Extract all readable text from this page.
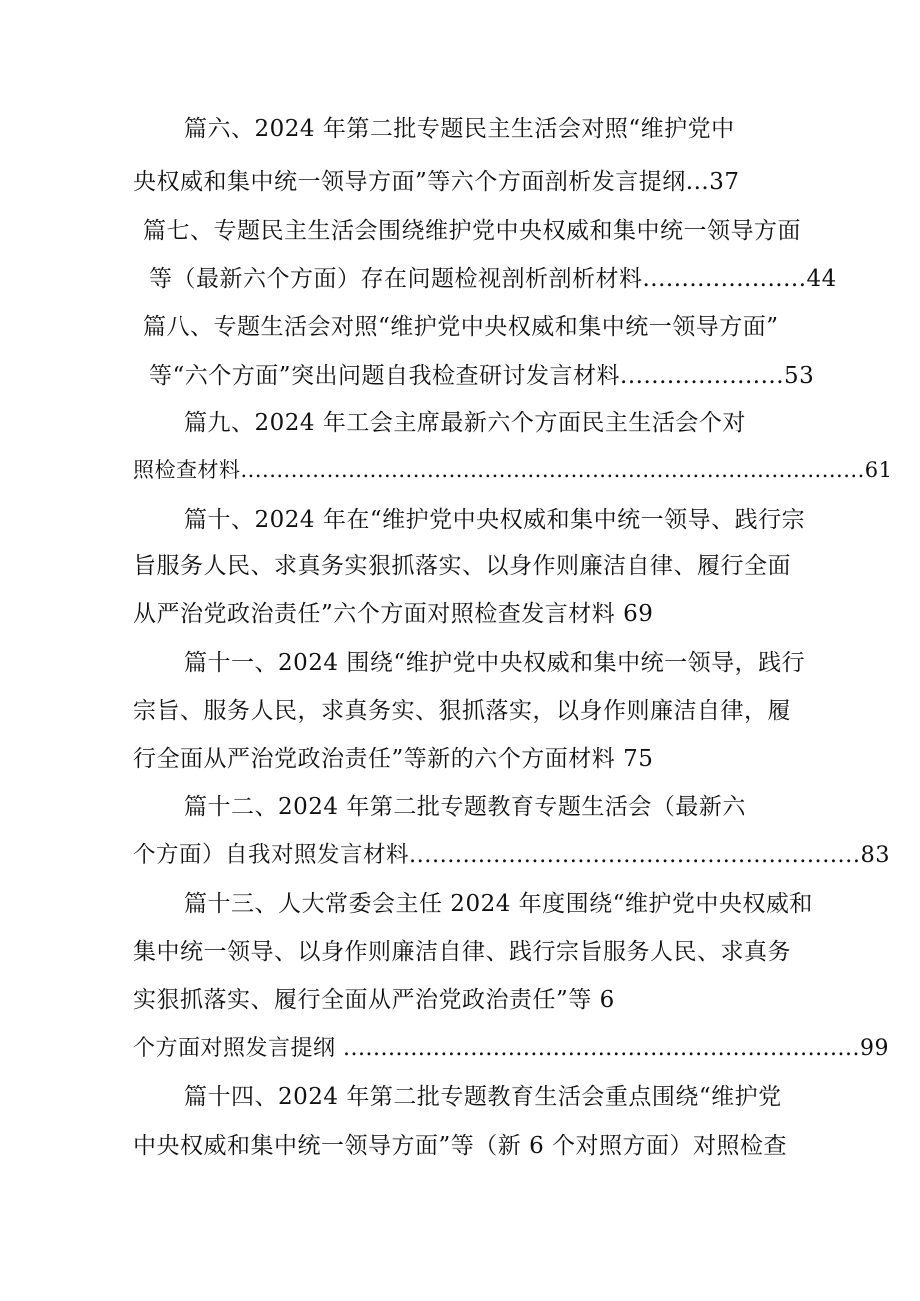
篇六、2024 年第二批专题民主生活会对照“维护党中
央权威和集中统一领导方面”等六个方面剖析发言提纲...37
篇七、专题民主生活会围绕维护党中央权威和集中统一领导方面
等（最新六个方面）存在问题检视剖析剖析材料.....................44
篇八、专题生活会对照“维护党中央权威和集中统一领导方面”
等“六个方面”突出问题自我检查研讨发言材料.....................53
篇九、2024 年工会主席最新六个方面民主生活会个对
照检查材料.......................................................................................61
篇十、2024 年在“维护党中央权威和集中统一领导、践行宗
旨服务人民、求真务实狠抓落实、以身作则廉洁自律、履行全面
从严治党政治责任”六个方面对照检查发言材料 69
篇十一、2024 围绕“维护党中央权威和集中统一领导，践行
宗旨、服务人民，求真务实、狠抓落实，以身作则廉洁自律，履
行全面从严治党政治责任”等新的六个方面材料 75
篇十二、2024 年第二批专题教育专题生活会（最新六
个方面）自我对照发言材料...........................................................83
篇十三、人大常委会主任 2024 年度围绕“维护党中央权威和
集中统一领导、以身作则廉洁自律、践行宗旨服务人民、求真务
实狠抓落实、履行全面从严治党政治责任”等 6
个方面对照发言提纲 .....................................................................99
篇十四、2024 年第二批专题教育生活会重点围绕“维护党
中央权威和集中统一领导方面”等（新 6 个对照方面）对照检查
